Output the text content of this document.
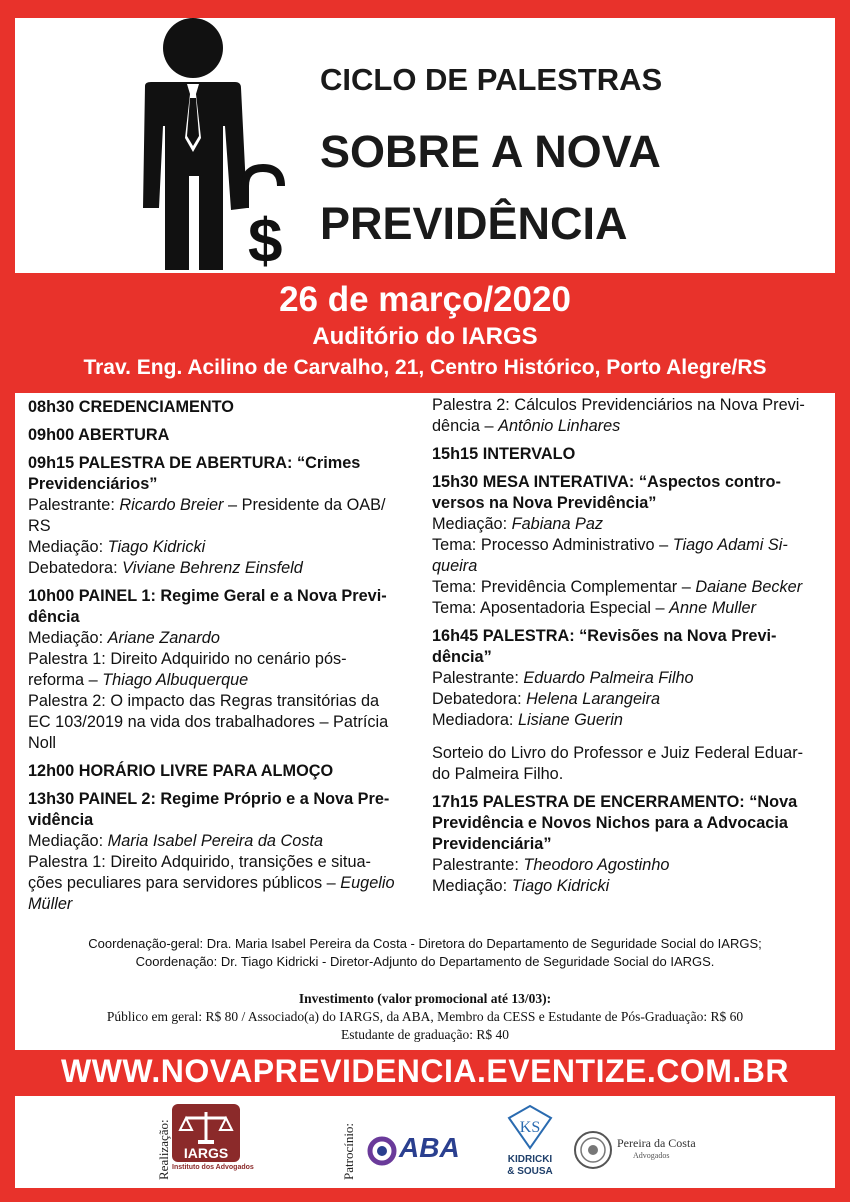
$
CICLO DE PALESTRAS
SOBRE A NOVA
PREVIDÊNCIA
26 de março/2020
Auditório do IARGS
Trav. Eng. Acilino de Carvalho, 21, Centro Histórico, Porto Alegre/RS
08h30 CREDENCIAMENTO
09h00 ABERTURA
09h15 PALESTRA DE ABERTURA: “Crimes
Previdenciários”
Palestrante: Ricardo Breier – Presidente da OAB/
RS
Mediação: Tiago Kidricki
Debatedora: Viviane Behrenz Einsfeld
10h00 PAINEL 1: Regime Geral e a Nova Previ-
dência
Mediação: Ariane Zanardo
Palestra 1: Direito Adquirido no cenário pós-
reforma – Thiago Albuquerque
Palestra 2: O impacto das Regras transitórias da
EC 103/2019 na vida dos trabalhadores – Patrícia
Noll
12h00 HORÁRIO LIVRE PARA ALMOÇO
13h30 PAINEL 2: Regime Próprio e a Nova Pre-
vidência
Mediação: Maria Isabel Pereira da Costa
Palestra 1: Direito Adquirido, transições e situa-
ções peculiares para servidores públicos – Eugelio
Müller
Palestra 2: Cálculos Previdenciários na Nova Previ-
dência – Antônio Linhares
15h15 INTERVALO
15h30 MESA INTERATIVA: “Aspectos contro-
versos na Nova Previdência”
Mediação: Fabiana Paz
Tema: Processo Administrativo – Tiago Adami Si-
queira
Tema: Previdência Complementar – Daiane Becker
Tema: Aposentadoria Especial – Anne Muller
16h45 PALESTRA: “Revisões na Nova Previ-
dência”
Palestrante: Eduardo Palmeira Filho
Debatedora: Helena Larangeira
Mediadora: Lisiane Guerin
Sorteio do Livro do Professor e Juiz Federal Eduar-
do Palmeira Filho.
17h15 PALESTRA DE ENCERRAMENTO: “Nova
Previdência e Novos Nichos para a Advocacia
Previdenciária”
Palestrante: Theodoro Agostinho
Mediação: Tiago Kidricki
Coordenação-geral: Dra. Maria Isabel Pereira da Costa - Diretora do Departamento de Seguridade Social do IARGS;
Coordenação: Dr. Tiago Kidricki - Diretor-Adjunto do Departamento de Seguridade Social do IARGS.
Investimento (valor promocional até 13/03):
Público em geral: R$ 80 / Associado(a) do IARGS, da ABA, Membro da CESS e Estudante de Pós-Graduação: R$ 60
Estudante de graduação: R$ 40
WWW.NOVAPREVIDENCIA.EVENTIZE.COM.BR
Realização: IARGS
Instituto dos Advogados	Patrocínio: ABA
KS
KIDRICKI
& SOUSA
Pereira da Costa
Advogados
